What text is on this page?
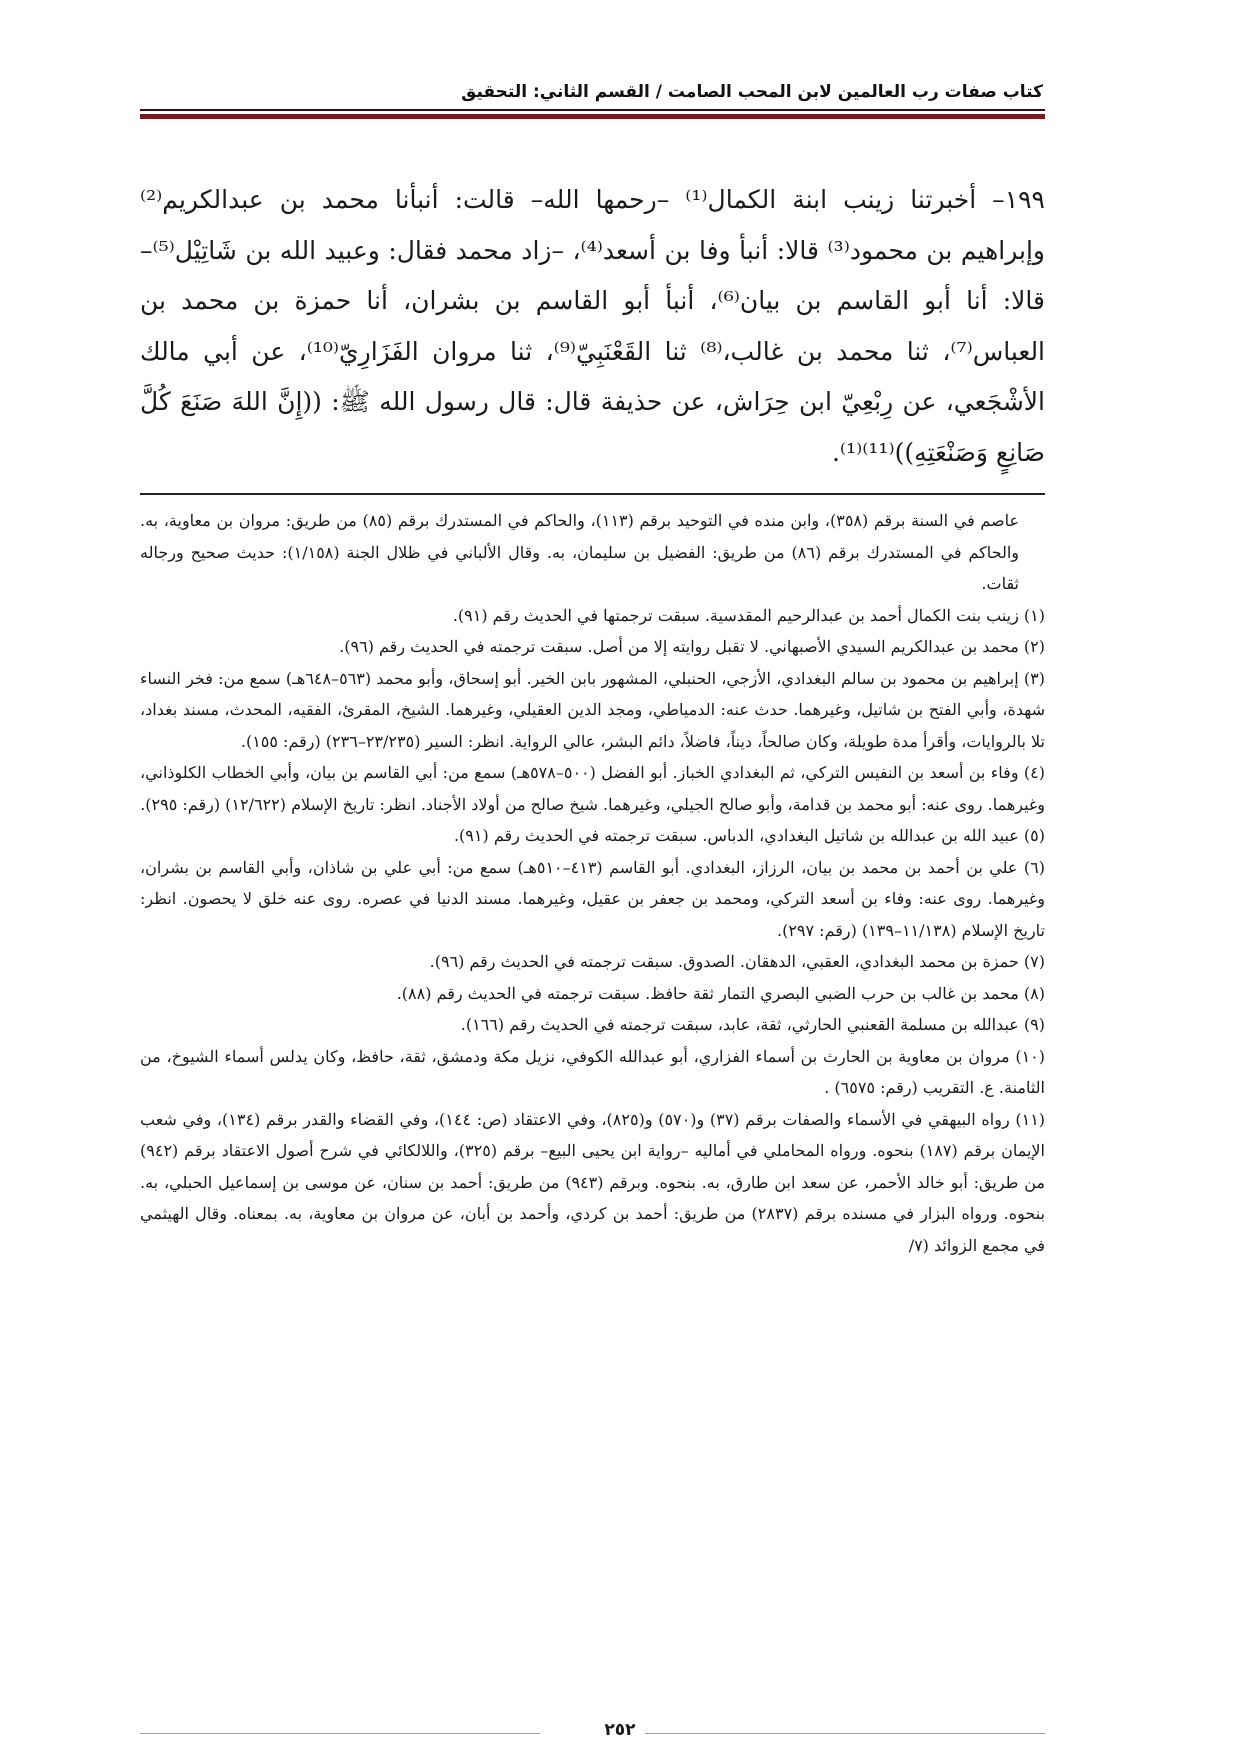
كتاب صفات رب العالمين لابن المحب الصامت / القسم الثاني: التحقيق

١٩٩– أخبرتنا زينب ابنة الكمال⁽¹⁾ –رحمها الله– قالت: أنبأنا محمد بن عبدالكريم⁽²⁾ وإبراهيم بن محمود⁽³⁾ قالا: أنبأ وفا بن أسعد⁽⁴⁾، –زاد محمد فقال: وعبيد الله بن شَاتِيْل⁽⁵⁾– قالا: أنا أبو القاسم بن بيان⁽⁶⁾، أنبأ أبو القاسم بن بشران، أنا حمزة بن محمد بن العباس⁽⁷⁾، ثنا محمد بن غالب،⁽⁸⁾ ثنا القَعْنَبِيّ⁽⁹⁾، ثنا مروان الفَزَارِيّ⁽¹⁰⁾، عن أبي مالك الأشْجَعي، عن رِبْعِيّ ابن حِرَاش، عن حذيفة قال: قال رسول الله ﷺ: ((إِنَّ اللهَ صَنَعَ كُلَّ صَانِعٍ وَصَنْعَتِهِ))⁽¹¹⁾⁽¹⁾.

عاصم في السنة برقم (٣٥٨)، وابن منده في التوحيد برقم (١١٣)، والحاكم في المستدرك برقم (٨٥) من طريق: مروان بن معاوية، به. والحاكم في المستدرك برقم (٨٦) من طريق: الفضيل بن سليمان، به. وقال الألباني في ظلال الجنة (١/١٥٨): حديث صحيح ورجاله ثقات.

(١) زينب بنت الكمال أحمد بن عبدالرحيم المقدسية. سبقت ترجمتها في الحديث رقم (٩١).

(٢) محمد بن عبدالكريم السيدي الأصبهاني. لا تقبل روايته إلا من أصل. سبقت ترجمته في الحديث رقم (٩٦).

(٣) إبراهيم بن محمود بن سالم البغدادي، الأزجي، الحنبلي، المشهور بابن الخير. أبو إسحاق، وأبو محمد (٥٦٣–٦٤٨هـ) سمع من: فخر النساء شهدة، وأبي الفتح بن شاتيل، وغيرهما. حدث عنه: الدمياطي، ومجد الدين العقيلي، وغيرهما. الشيخ، المقرئ، الفقيه، المحدث، مسند بغداد، تلا بالروايات، وأقرأ مدة طويلة، وكان صالحاً، ديناً، فاضلاً، دائم البشر، عالي الرواية. انظر: السير (٢٣/٢٣٥–٢٣٦) (رقم: ١٥٥).

(٤) وفاء بن أسعد بن النفيس التركي، ثم البغدادي الخباز. أبو الفضل (٥٠٠–٥٧٨هـ) سمع من: أبي القاسم بن بيان، وأبي الخطاب الكلوذاني، وغيرهما. روى عنه: أبو محمد بن قدامة، وأبو صالح الجيلي، وغيرهما. شيخ صالح من أولاد الأجناد. انظر: تاريخ الإسلام (١٢/٦٢٢) (رقم: ٢٩٥).

(٥) عبيد الله بن عبدالله بن شاتيل البغدادي، الدباس. سبقت ترجمته في الحديث رقم (٩١).

(٦) علي بن أحمد بن محمد بن بيان، الرزاز، البغدادي. أبو القاسم (٤١٣–٥١٠هـ) سمع من: أبي علي بن شاذان، وأبي القاسم بن بشران، وغيرهما. روى عنه: وفاء بن أسعد التركي، ومحمد بن جعفر بن عقيل، وغيرهما. مسند الدنيا في عصره. روى عنه خلق لا يحصون. انظر: تاريخ الإسلام (١١/١٣٨–١٣٩) (رقم: ٢٩٧).

(٧) حمزة بن محمد البغدادي، العقبي، الدهقان. الصدوق. سبقت ترجمته في الحديث رقم (٩٦).

(٨) محمد بن غالب بن حرب الضبي البصري التمار ثقة حافظ. سبقت ترجمته في الحديث رقم (٨٨).

(٩) عبدالله بن مسلمة القعنبي الحارثي، ثقة، عابد، سبقت ترجمته في الحديث رقم (١٦٦).

(١٠) مروان بن معاوية بن الحارث بن أسماء الفزاري، أبو عبدالله الكوفي، نزيل مكة ودمشق، ثقة، حافظ، وكان يدلس أسماء الشيوخ، من الثامنة. ع. التقريب (رقم: ٦٥٧٥) .

(١١) رواه البيهقي في الأسماء والصفات برقم (٣٧) و(٥٧٠) و(٨٢٥)، وفي الاعتقاد (ص: ١٤٤)، وفي القضاء والقدر برقم (١٣٤)، وفي شعب الإيمان برقم (١٨٧) بنحوه. ورواه المحاملي في أماليه –رواية ابن يحيى البيع– برقم (٣٢٥)، واللالكائي في شرح أصول الاعتقاد برقم (٩٤٢) من طريق: أبو خالد الأحمر، عن سعد ابن طارق، به. بنحوه. وبرقم (٩٤٣) من طريق: أحمد بن سنان، عن موسى بن إسماعيل الحبلي، به. بنحوه. ورواه البزار في مسنده برقم (٢٨٣٧) من طريق: أحمد بن كردي، وأحمد بن أبان، عن مروان بن معاوية، به. بمعناه. وقال الهيثمي في مجمع الزوائد (٧/

٢٥٢
